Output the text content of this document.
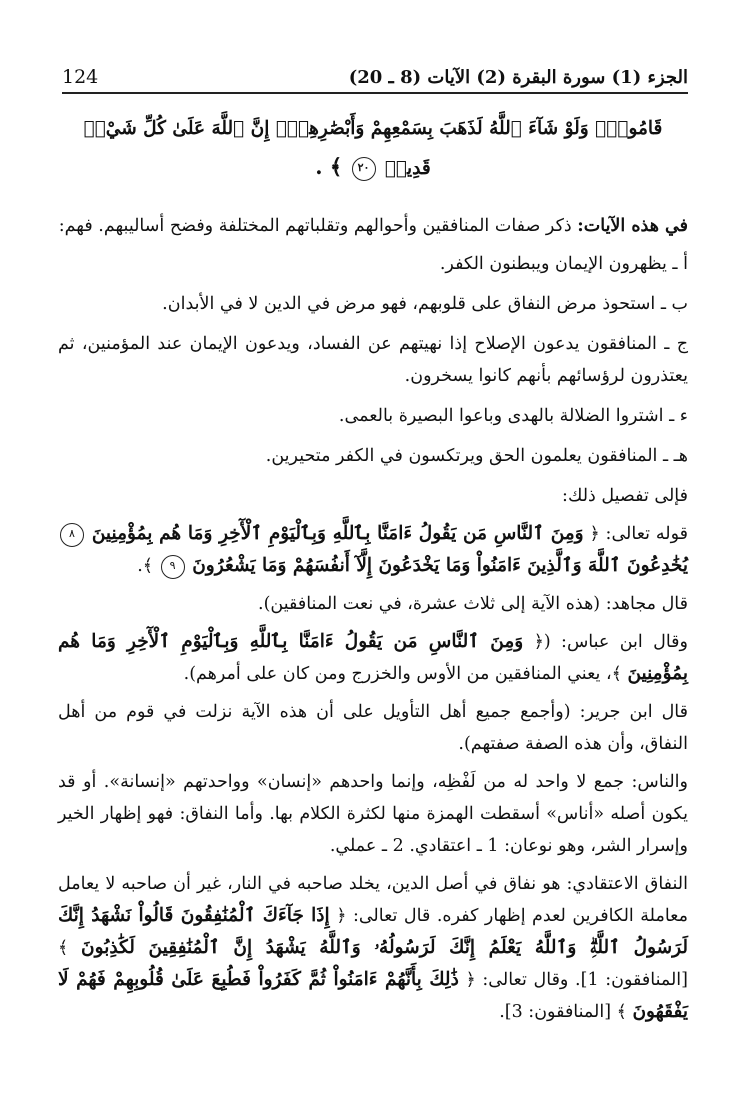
124	الجزء (1) سورة البقرة (2) الآيات (8 ـ 20)
قَامُواْۚ وَلَوْ شَآءَ ٱللَّهُ لَذَهَبَ بِسَمْعِهِمْ وَأَبْصَٰرِهِمْۚ إِنَّ ٱللَّهَ عَلَىٰ كُلِّ شَيْءٖ قَدِيرٞ ٢٠ ﴾ .

في هذه الآيات: ذكر صفات المنافقين وأحوالهم وتقلباتهم المختلفة وفضح أساليبهم. فهم:

أ ـ يظهرون الإيمان ويبطنون الكفر.

ب ـ استحوذ مرض النفاق على قلوبهم، فهو مرض في الدين لا في الأبدان.

ج ـ المنافقون يدعون الإصلاح إذا نهيتهم عن الفساد، ويدعون الإيمان عند المؤمنين، ثم يعتذرون لرؤسائهم بأنهم كانوا يسخرون.

ء ـ اشتروا الضلالة بالهدى وباعوا البصيرة بالعمى.

هـ ـ المنافقون يعلمون الحق ويرتكسون في الكفر متحيرين.

فإلى تفصيل ذلك:

قوله تعالى: ﴿ وَمِنَ ٱلنَّاسِ مَن يَقُولُ ءَامَنَّا بِٱللَّهِ وَبِٱلْيَوْمِ ٱلْأٓخِرِ وَمَا هُم بِمُؤْمِنِينَ ٨ يُخَٰدِعُونَ ٱللَّهَ وَٱلَّذِينَ ءَامَنُواْ وَمَا يَخْدَعُونَ إِلَّآ أَنفُسَهُمْ وَمَا يَشْعُرُونَ ٩ ﴾.

قال مجاهد: (هذه الآية إلى ثلاث عشرة، في نعت المنافقين).

وقال ابن عباس: (﴿ وَمِنَ ٱلنَّاسِ مَن يَقُولُ ءَامَنَّا بِٱللَّهِ وَبِٱلْيَوْمِ ٱلْأٓخِرِ وَمَا هُم بِمُؤْمِنِينَ ﴾، يعني المنافقين من الأوس والخزرج ومن كان على أمرهم).

قال ابن جرير: (وأجمع جميع أهل التأويل على أن هذه الآية نزلت في قوم من أهل النفاق، وأن هذه الصفة صفتهم).

والناس: جمع لا واحد له من لَفْظِه، وإنما واحدهم «إنسان» وواحدتهم «إنسانة». أو قد يكون أصله «أناس» أسقطت الهمزة منها لكثرة الكلام بها. وأما النفاق: فهو إظهار الخير وإسرار الشر، وهو نوعان: 1 ـ اعتقادي. 2 ـ عملي.

النفاق الاعتقادي: هو نفاق في أصل الدين، يخلد صاحبه في النار، غير أن صاحبه لا يعامل معاملة الكافرين لعدم إظهار كفره. قال تعالى: ﴿ إِذَا جَآءَكَ ٱلْمُنَٰفِقُونَ قَالُواْ نَشْهَدُ إِنَّكَ لَرَسُولُ ٱللَّهِۗ وَٱللَّهُ يَعْلَمُ إِنَّكَ لَرَسُولُهُۥ وَٱللَّهُ يَشْهَدُ إِنَّ ٱلْمُنَٰفِقِينَ لَكَٰذِبُونَ ﴾ [المنافقون: 1]. وقال تعالى: ﴿ ذَٰلِكَ بِأَنَّهُمْ ءَامَنُواْ ثُمَّ كَفَرُواْ فَطُبِعَ عَلَىٰ قُلُوبِهِمْ فَهُمْ لَا يَفْقَهُونَ ﴾ [المنافقون: 3].
